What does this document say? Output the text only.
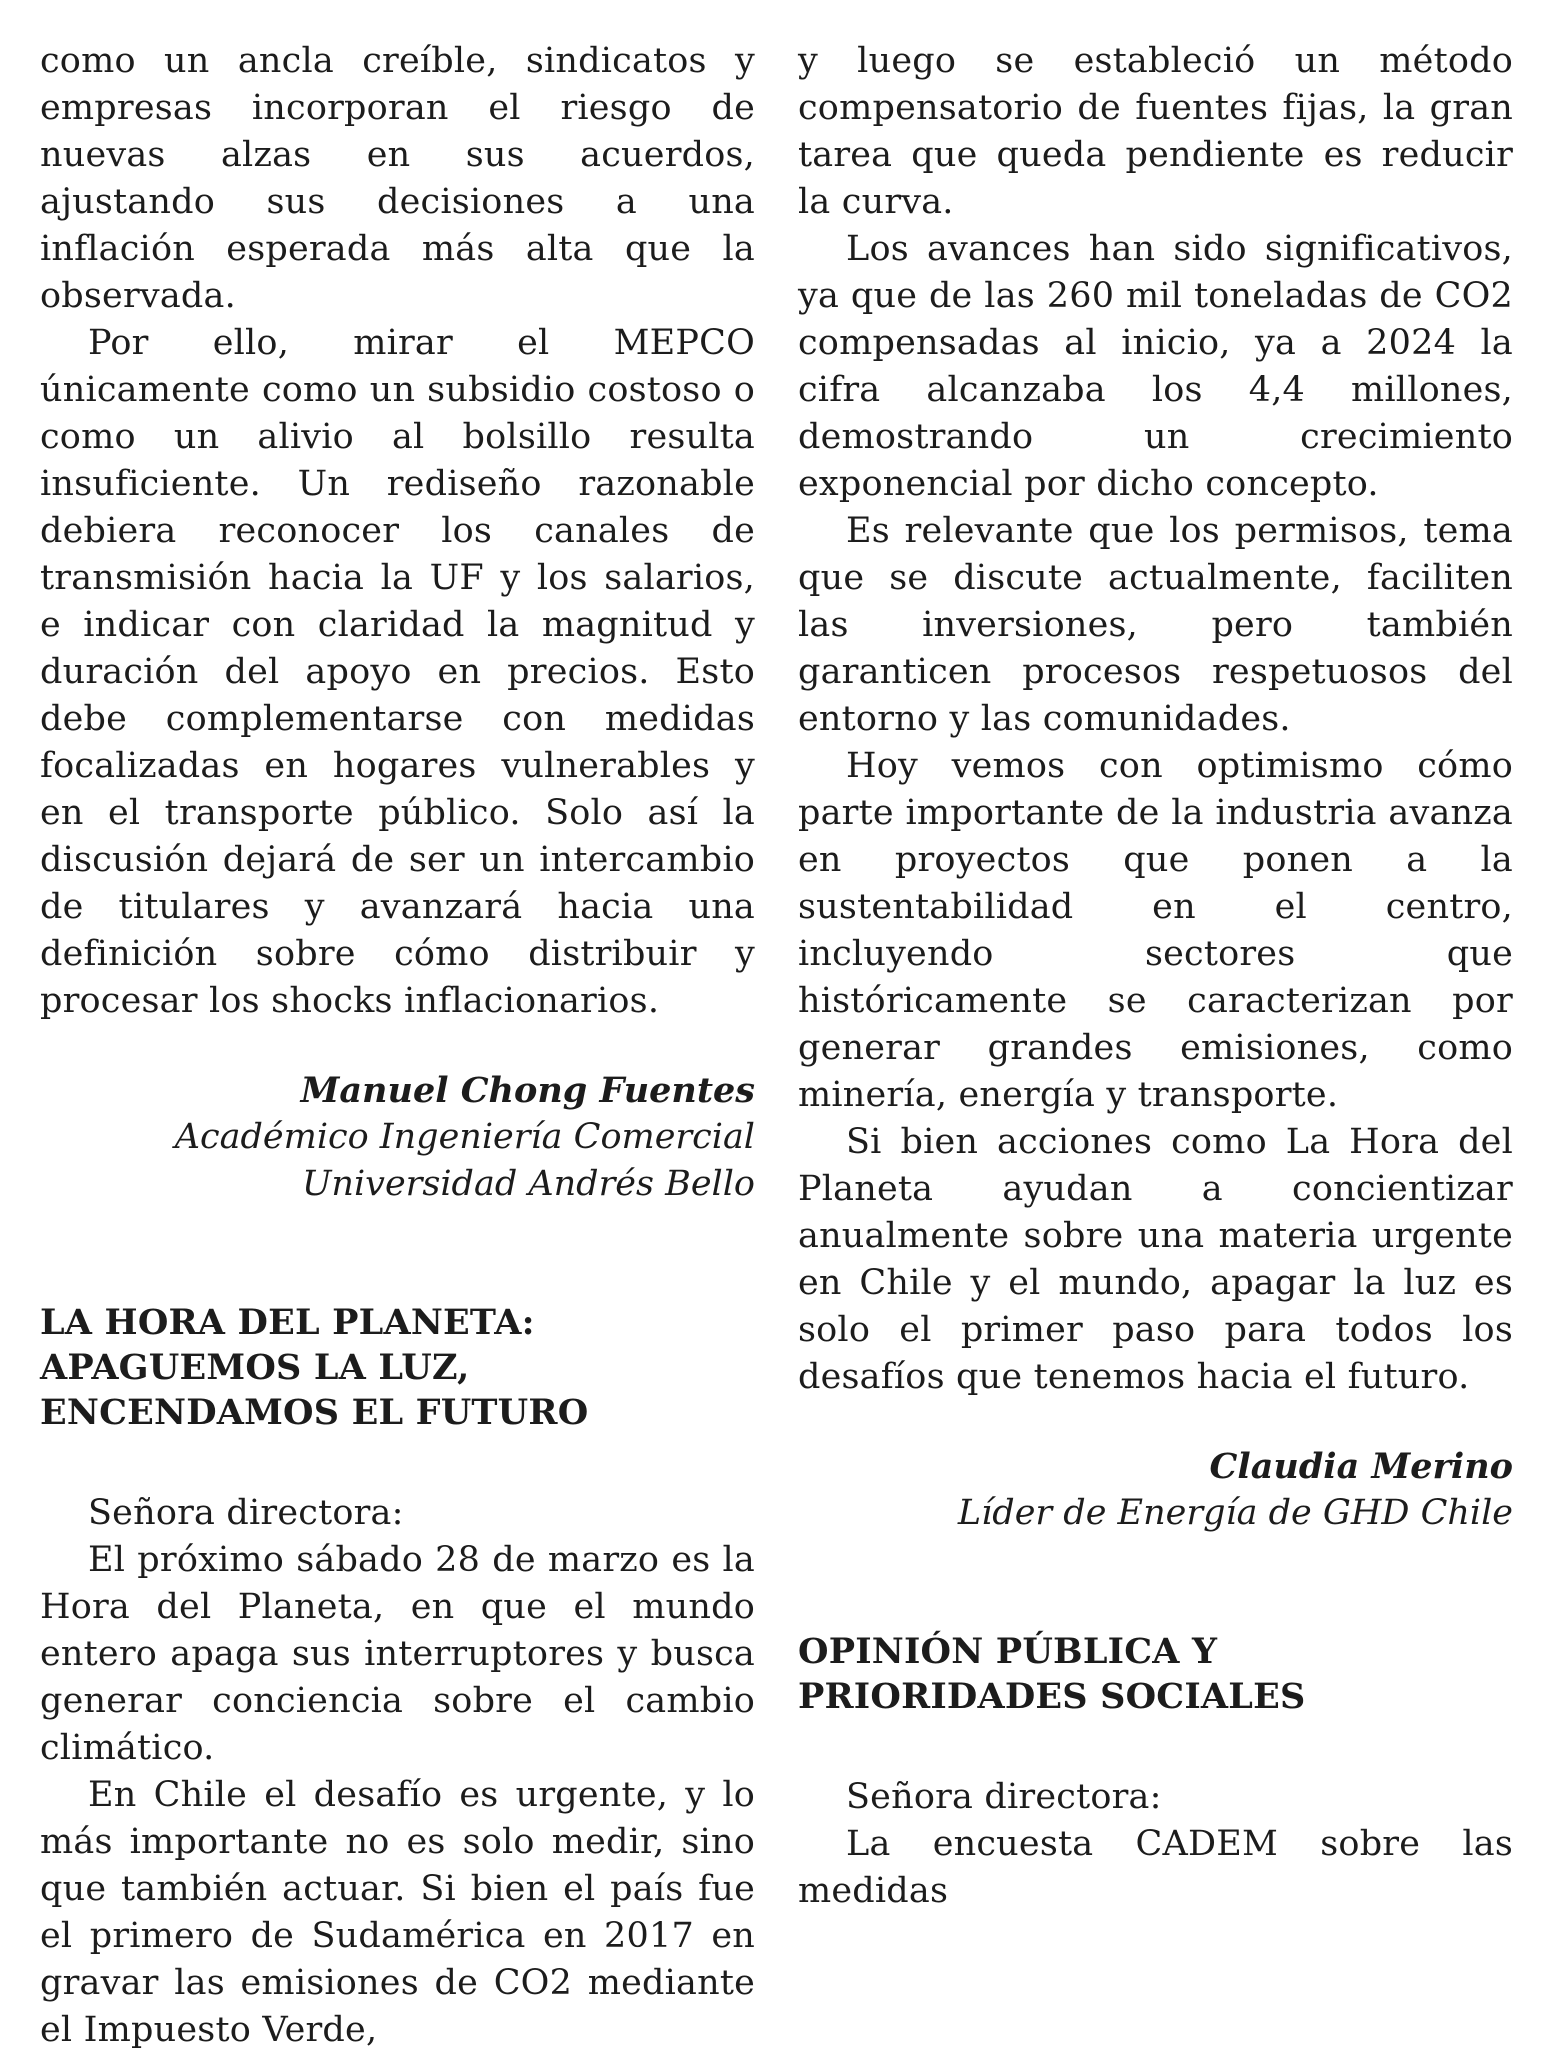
como un ancla creíble, sindicatos y empresas incorporan el riesgo de nuevas alzas en sus acuerdos, ajustando sus decisiones a una inflación esperada más alta que la observada.

Por ello, mirar el MEPCO únicamente como un subsidio costoso o como un alivio al bolsillo resulta insuficiente. Un rediseño razonable debiera reconocer los canales de transmisión hacia la UF y los salarios, e indicar con claridad la magnitud y duración del apoyo en precios. Esto debe complementarse con medidas focalizadas en hogares vulnerables y en el transporte público. Solo así la discusión dejará de ser un intercambio de titulares y avanzará hacia una definición sobre cómo distribuir y procesar los shocks inflacionarios.

Manuel Chong Fuentes

Académico Ingeniería Comercial

Universidad Andrés Bello

LA HORA DEL PLANETA: APAGUEMOS LA LUZ, ENCENDAMOS EL FUTURO

Señora directora:

El próximo sábado 28 de marzo es la Hora del Planeta, en que el mundo entero apaga sus interruptores y busca generar conciencia sobre el cambio climático.

En Chile el desafío es urgente, y lo más importante no es solo medir, sino que también actuar. Si bien el país fue el primero de Sudamérica en 2017 en gravar las emisiones de CO2 mediante el Impuesto Verde,

y luego se estableció un método compensatorio de fuentes fijas, la gran tarea que queda pendiente es reducir la curva.

Los avances han sido significativos, ya que de las 260 mil toneladas de CO2 compensadas al inicio, ya a 2024 la cifra alcanzaba los 4,4 millones, demostrando un crecimiento exponencial por dicho concepto.

Es relevante que los permisos, tema que se discute actualmente, faciliten las inversiones, pero también garanticen procesos respetuosos del entorno y las comunidades.

Hoy vemos con optimismo cómo parte importante de la industria avanza en proyectos que ponen a la sustentabilidad en el centro, incluyendo sectores que históricamente se caracterizan por generar grandes emisiones, como minería, energía y transporte.

Si bien acciones como La Hora del Planeta ayudan a concientizar anualmente sobre una materia urgente en Chile y el mundo, apagar la luz es solo el primer paso para todos los desafíos que tenemos hacia el futuro.

Claudia Merino

Líder de Energía de GHD Chile

OPINIÓN PÚBLICA Y PRIORIDADES SOCIALES

Señora directora:

La encuesta CADEM sobre las medidas
